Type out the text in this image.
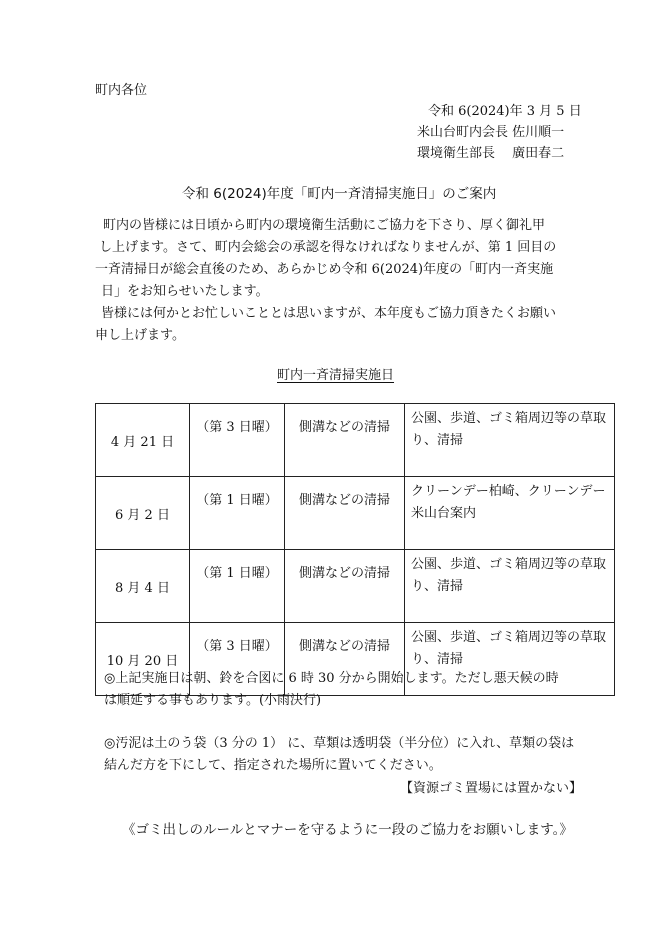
町内各位
令和 6(2024)年 3 月 5 日
米山台町内会長 佐川順一
環境衛生部長　 廣田春二
令和 6(2024)年度「町内一斉清掃実施日」のご案内
町内の皆様には日頃から町内の環境衛生活動にご協力を下さり、厚く御礼甲
し上げます。さて、町内会総会の承認を得なければなりませんが、第 1 回目の
一斉清掃日が総会直後のため、あらかじめ令和 6(2024)年度の「町内一斉実施
日」をお知らせいたします。
皆様には何かとお忙しいこととは思いますが、本年度もご協力頂きたくお願い
申し上げます。
町内一斉清掃実施日
4 月 21 日	（第 3 日曜）	側溝などの清掃	公園、歩道、ゴミ箱周辺等の草取り、清掃
6 月 2 日	（第 1 日曜）	側溝などの清掃	クリーンデー柏崎、クリーンデー米山台案内
8 月 4 日	（第 1 日曜）	側溝などの清掃	公園、歩道、ゴミ箱周辺等の草取り、清掃
10 月 20 日	（第 3 日曜）	側溝などの清掃	公園、歩道、ゴミ箱周辺等の草取り、清掃
◎上記実施日は朝、鈴を合図に 6 時 30 分から開始します。ただし悪天候の時
は順延する事もあります。(小雨決行)
◎汚泥は土のう袋（3 分の 1） に、草類は透明袋（半分位）に入れ、草類の袋は
結んだ方を下にして、指定された場所に置いてください。
【資源ゴミ置場には置かない】
《ゴミ出しのルールとマナーを守るように一段のご協力をお願いします。》
